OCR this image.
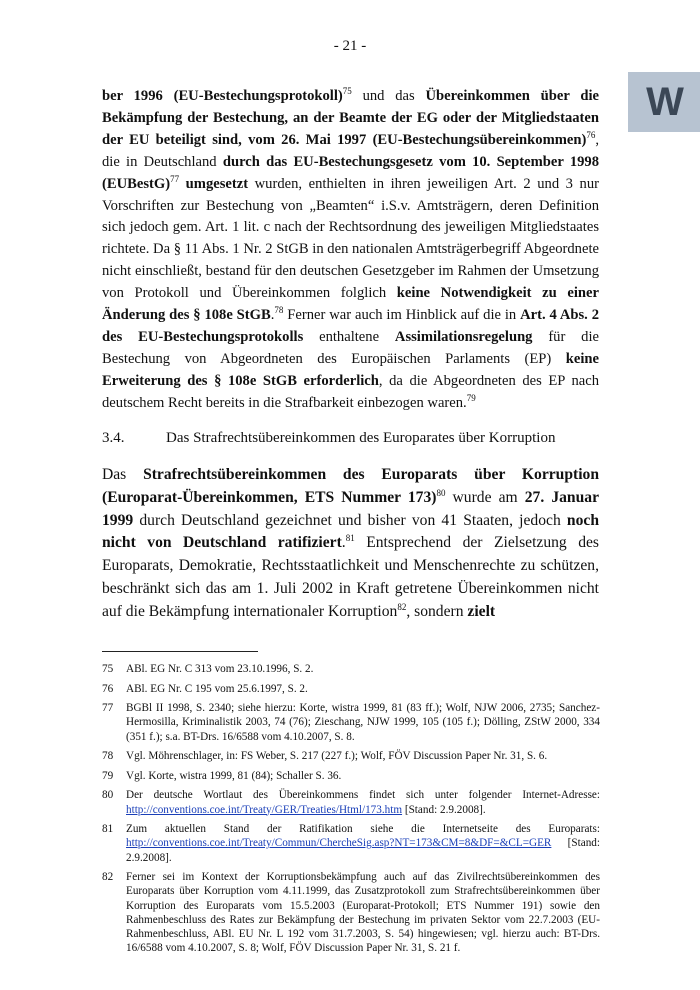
- 21 -
W
ber 1996 (EU-Bestechungsprotokoll)$^{75}$ und das Übereinkommen über die Bekämpfung der Bestechung, an der Beamte der EG oder der Mitgliedstaaten der EU beteiligt sind, vom 26. Mai 1997 (EU-Bestechungsübereinkommen)$^{76}$, die in Deutschland durch das EU-Bestechungsgesetz vom 10. September 1998 (EUBestG)$^{77}$ umgesetzt wurden, enthielten in ihren jeweiligen Art. 2 und 3 nur Vorschriften zur Bestechung von „Beamten“ i.S.v. Amtsträgern, deren Definition sich jedoch gem. Art. 1 lit. c nach der Rechtsordnung des jeweiligen Mitgliedstaates richtete. Da § 11 Abs. 1 Nr. 2 StGB in den nationalen Amtsträgerbegriff Abgeordnete nicht einschließt, bestand für den deutschen Gesetzgeber im Rahmen der Umsetzung von Protokoll und Übereinkommen folglich keine Notwendigkeit zu einer Änderung des § 108e StGB.$^{78}$ Ferner war auch im Hinblick auf die in Art. 4 Abs. 2 des EU-Bestechungsprotokolls enthaltene Assimilationsregelung für die Bestechung von Abgeordneten des Europäischen Parlaments (EP) keine Erweiterung des § 108e StGB erforderlich, da die Abgeordneten des EP nach deutschem Recht bereits in die Strafbarkeit einbezogen waren.$^{79}$
3.4.	Das Strafrechtsübereinkommen des Europarates über Korruption
Das Strafrechtsübereinkommen des Europarats über Korruption (Europarat-Übereinkommen, ETS Nummer 173)$^{80}$ wurde am 27. Januar 1999 durch Deutschland gezeichnet und bisher von 41 Staaten, jedoch noch nicht von Deutschland ratifiziert.$^{81}$ Entsprechend der Zielsetzung des Europarats, Demokratie, Rechtsstaatlichkeit und Menschenrechte zu schützen, beschränkt sich das am 1. Juli 2002 in Kraft getretene Übereinkommen nicht auf die Bekämpfung internationaler Korruption$^{82}$, sondern zielt
75	ABl. EG Nr. C 313 vom 23.10.1996, S. 2.
76	ABl. EG Nr. C 195 vom 25.6.1997, S. 2.
77	BGBl II 1998, S. 2340; siehe hierzu: Korte, wistra 1999, 81 (83 ff.); Wolf, NJW 2006, 2735; Sanchez-Hermosilla, Kriminalistik 2003, 74 (76); Zieschang, NJW 1999, 105 (105 f.); Dölling, ZStW 2000, 334 (351 f.); s.a. BT-Drs. 16/6588 vom 4.10.2007, S. 8.
78	Vgl. Möhrenschlager, in: FS Weber, S. 217 (227 f.); Wolf, FÖV Discussion Paper Nr. 31, S. 6.
79	Vgl. Korte, wistra 1999, 81 (84); Schaller S. 36.
80	Der deutsche Wortlaut des Übereinkommens findet sich unter folgender Internet-Adresse: http://conventions.coe.int/Treaty/GER/Treaties/Html/173.htm [Stand: 2.9.2008].
81	Zum aktuellen Stand der Ratifikation siehe die Internetseite des Europarats: http://conventions.coe.int/Treaty/Commun/ChercheSig.asp?NT=173&CM=8&DF=&CL=GER [Stand: 2.9.2008].
82	Ferner sei im Kontext der Korruptionsbekämpfung auch auf das Zivilrechtsübereinkommen des Europarats über Korruption vom 4.11.1999, das Zusatzprotokoll zum Strafrechtsübereinkommen über Korruption des Europarats vom 15.5.2003 (Europarat-Protokoll; ETS Nummer 191) sowie den Rahmenbeschluss des Rates zur Bekämpfung der Bestechung im privaten Sektor vom 22.7.2003 (EU-Rahmenbeschluss, ABl. EU Nr. L 192 vom 31.7.2003, S. 54) hingewiesen; vgl. hierzu auch: BT-Drs. 16/6588 vom 4.10.2007, S. 8; Wolf, FÖV Discussion Paper Nr. 31, S. 21 f.
